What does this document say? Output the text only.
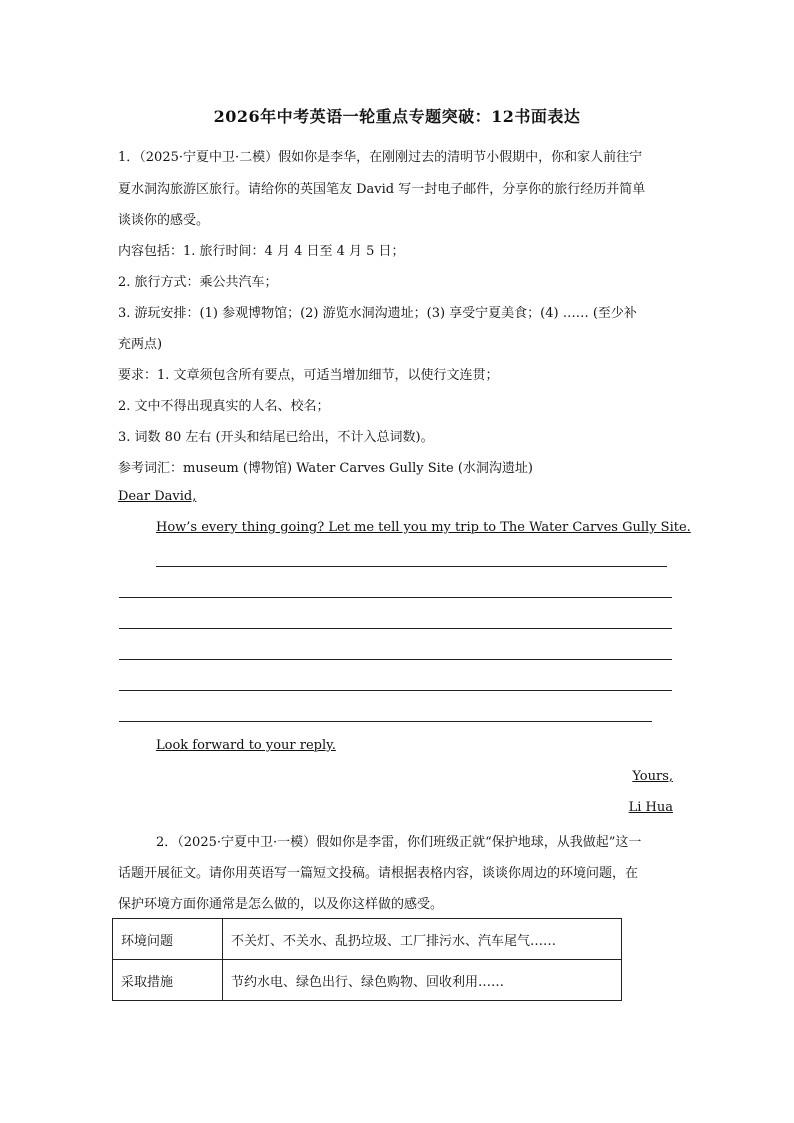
2026年中考英语一轮重点专题突破：12书面表达
1．（2025·宁夏中卫·二模）假如你是李华，在刚刚过去的清明节小假期中，你和家人前往宁
夏水洞沟旅游区旅行。请给你的英国笔友 David 写一封电子邮件，分享你的旅行经历并简单
谈谈你的感受。
内容包括：1. 旅行时间：4 月 4 日至 4 月 5 日；
2. 旅行方式：乘公共汽车；
3. 游玩安排：(1) 参观博物馆；(2) 游览水洞沟遗址；(3) 享受宁夏美食；(4) …… (至少补
充两点)
要求：1. 文章须包含所有要点，可适当增加细节，以使行文连贯；
2. 文中不得出现真实的人名、校名；
3. 词数 80 左右 (开头和结尾已给出，不计入总词数)。
参考词汇：museum (博物馆) Water Carves Gully Site (水洞沟遗址)
Dear David,
How’s every thing going? Let me tell you my trip to The Water Carves Gully Site.
Look forward to your reply.
Yours,
Li Hua
2．（2025·宁夏中卫·一模）假如你是李雷，你们班级正就“保护地球，从我做起”这一
话题开展征文。请你用英语写一篇短文投稿。请根据表格内容，谈谈你周边的环境问题，在
保护环境方面你通常是怎么做的，以及你这样做的感受。
环境问题	不关灯、不关水、乱扔垃圾、工厂排污水、汽车尾气……
采取措施	节约水电、绿色出行、绿色购物、回收利用……
